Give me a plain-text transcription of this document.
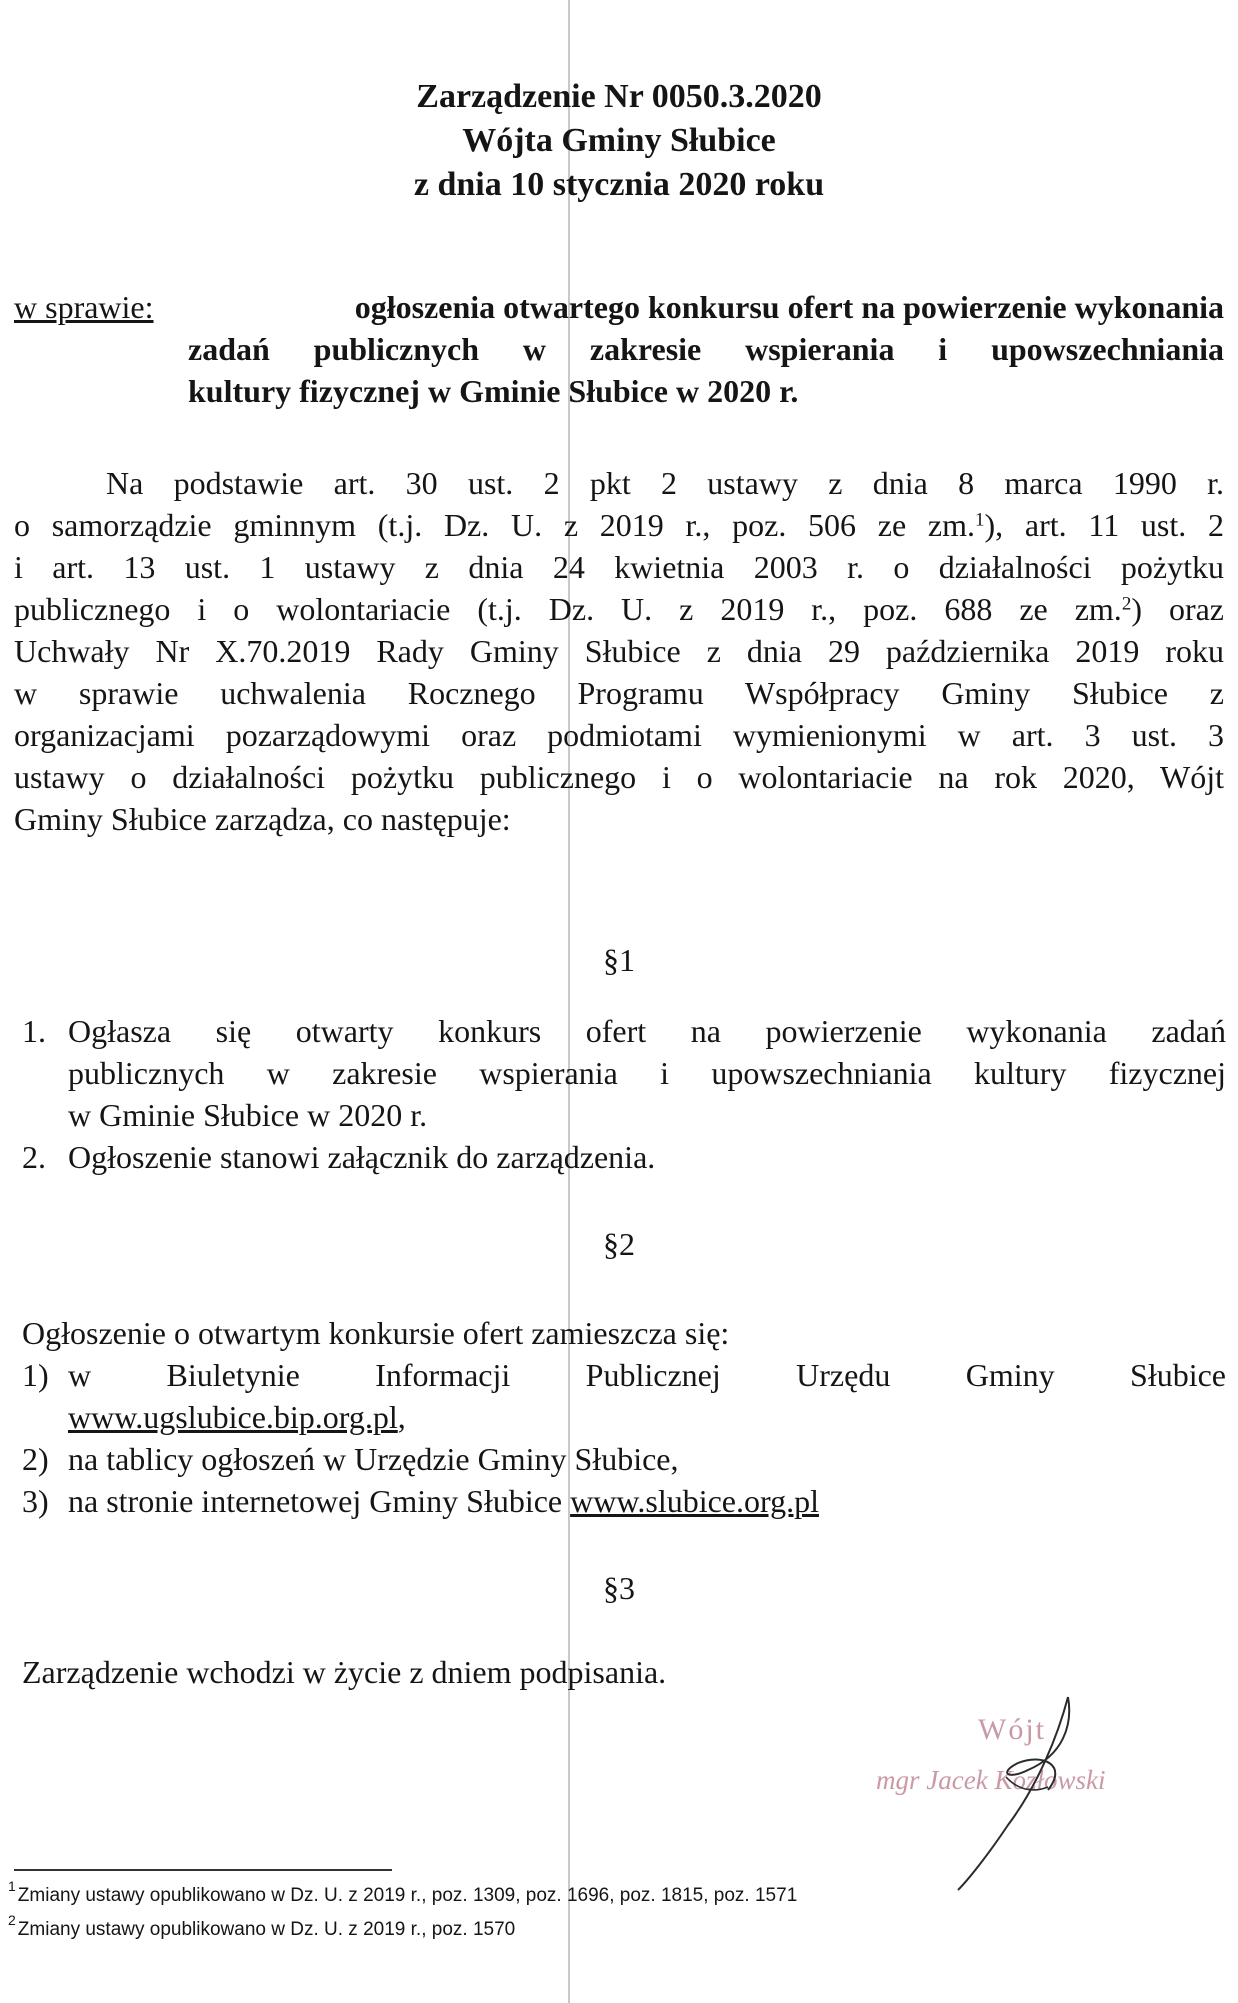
Zarządzenie Nr 0050.3.2020
Wójta Gminy Słubice
z dnia 10 stycznia 2020 roku
w sprawie:	ogłoszenia otwartego konkursu ofert na powierzenie wykonania
zadań publicznych w zakresie wspierania i upowszechniania
kultury fizycznej w Gminie Słubice w 2020 r.
Na podstawie art. 30 ust. 2 pkt 2 ustawy z dnia 8 marca 1990 r.
o samorządzie gminnym (t.j. Dz. U. z 2019 r., poz. 506 ze zm.$^1$), art. 11 ust. 2
i art. 13 ust. 1 ustawy z dnia 24 kwietnia 2003 r. o działalności pożytku
publicznego i o wolontariacie (t.j. Dz. U. z 2019 r., poz. 688 ze zm.$^2$) oraz
Uchwały Nr X.70.2019 Rady Gminy Słubice z dnia 29 października 2019 roku
w sprawie uchwalenia Rocznego Programu Współpracy Gminy Słubice z
organizacjami pozarządowymi oraz podmiotami wymienionymi w art. 3 ust. 3
ustawy o działalności pożytku publicznego i o wolontariacie na rok 2020, Wójt
Gminy Słubice zarządza, co następuje:
§1
1. Ogłasza się otwarty konkurs ofert na powierzenie wykonania zadań
publicznych w zakresie wspierania i upowszechniania kultury fizycznej
w Gminie Słubice w 2020 r.
2. Ogłoszenie stanowi załącznik do zarządzenia.
§2
Ogłoszenie o otwartym konkursie ofert zamieszcza się:
1) w Biuletynie Informacji Publicznej Urzędu Gminy Słubice
www.ugslubice.bip.org.pl,
2) na tablicy ogłoszeń w Urzędzie Gminy Słubice,
3) na stronie internetowej Gminy Słubice www.slubice.org.pl
§3
Zarządzenie wchodzi w życie z dniem podpisania.
Wójt
mgr Jacek Kozłowski
$^1$ Zmiany ustawy opublikowano w Dz. U. z 2019 r., poz. 1309, poz. 1696, poz. 1815, poz. 1571
$^2$ Zmiany ustawy opublikowano w Dz. U. z 2019 r., poz. 1570
